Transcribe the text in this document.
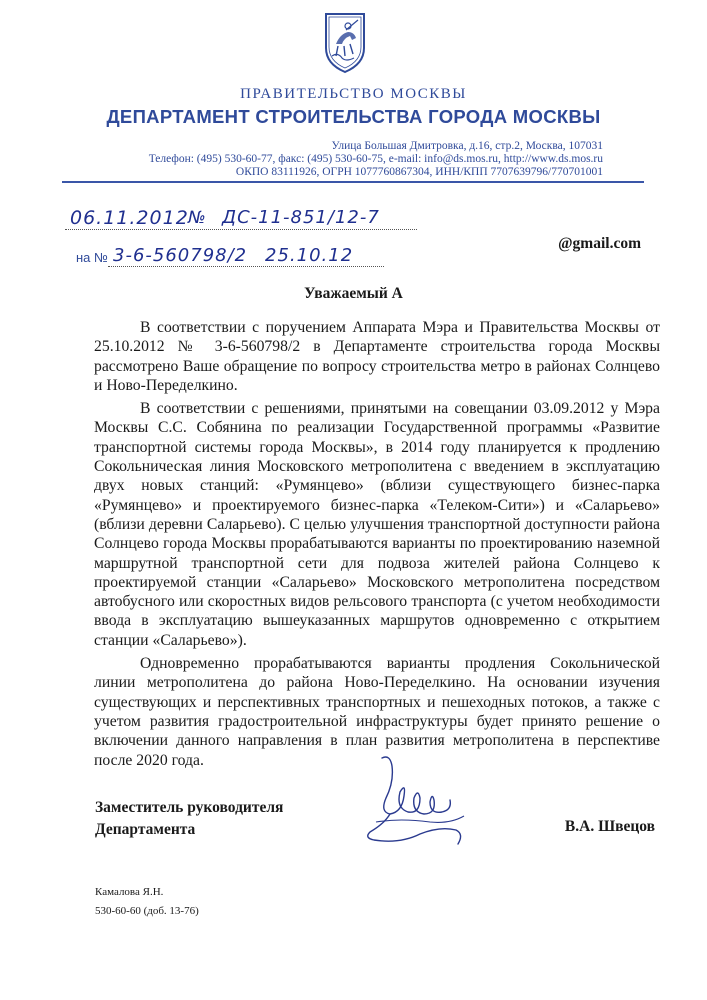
ПРАВИТЕЛЬСТВО МОСКВЫ
ДЕПАРТАМЕНТ СТРОИТЕЛЬСТВА ГОРОДА МОСКВЫ
Улица Большая Дмитровка, д.16, стр.2, Москва, 107031
Телефон: (495) 530-60-77, факс: (495) 530-60-75, e-mail: info@ds.mos.ru, http://www.ds.mos.ru
ОКПО 83111926, ОГРН 1077760867304, ИНН/КПП 7707639796/770701001
06.11.2012 № ДС-11-851/12-7
на № 3-6-560798/2 25.10.12
@gmail.com
Уважаемый А

В соответствии с поручением Аппарата Мэра и Правительства Москвы от 25.10.2012 № 3-6-560798/2 в Департаменте строительства города Москвы рассмотрено Ваше обращение по вопросу строительства метро в районах Солнцево и Ново-Переделкино.

В соответствии с решениями, принятыми на совещании 03.09.2012 у Мэра Москвы С.С. Собянина по реализации Государственной программы «Развитие транспортной системы города Москвы», в 2014 году планируется к продлению Сокольническая линия Московского метрополитена с введением в эксплуатацию двух новых станций: «Румянцево» (вблизи существующего бизнес-парка «Румянцево» и проектируемого бизнес-парка «Телеком-Сити») и «Саларьево» (вблизи деревни Саларьево). С целью улучшения транспортной доступности района Солнцево города Москвы прорабатываются варианты по проектированию наземной маршрутной транспортной сети для подвоза жителей района Солнцево к проектируемой станции «Саларьево» Московского метрополитена посредством автобусного или скоростных видов рельсового транспорта (с учетом необходимости ввода в эксплуатацию вышеуказанных маршрутов одновременно с открытием станции «Саларьево»).

Одновременно прорабатываются варианты продления Сокольнической линии метрополитена до района Ново-Переделкино. На основании изучения существующих и перспективных транспортных и пешеходных потоков, а также с учетом развития градостроительной инфраструктуры будет принято решение о включении данного направления в план развития метрополитена в перспективе после 2020 года.

Заместитель руководителя
Департамента	В.А. Швецов
Камалова Я.Н.
530-60-60 (доб. 13-76)
